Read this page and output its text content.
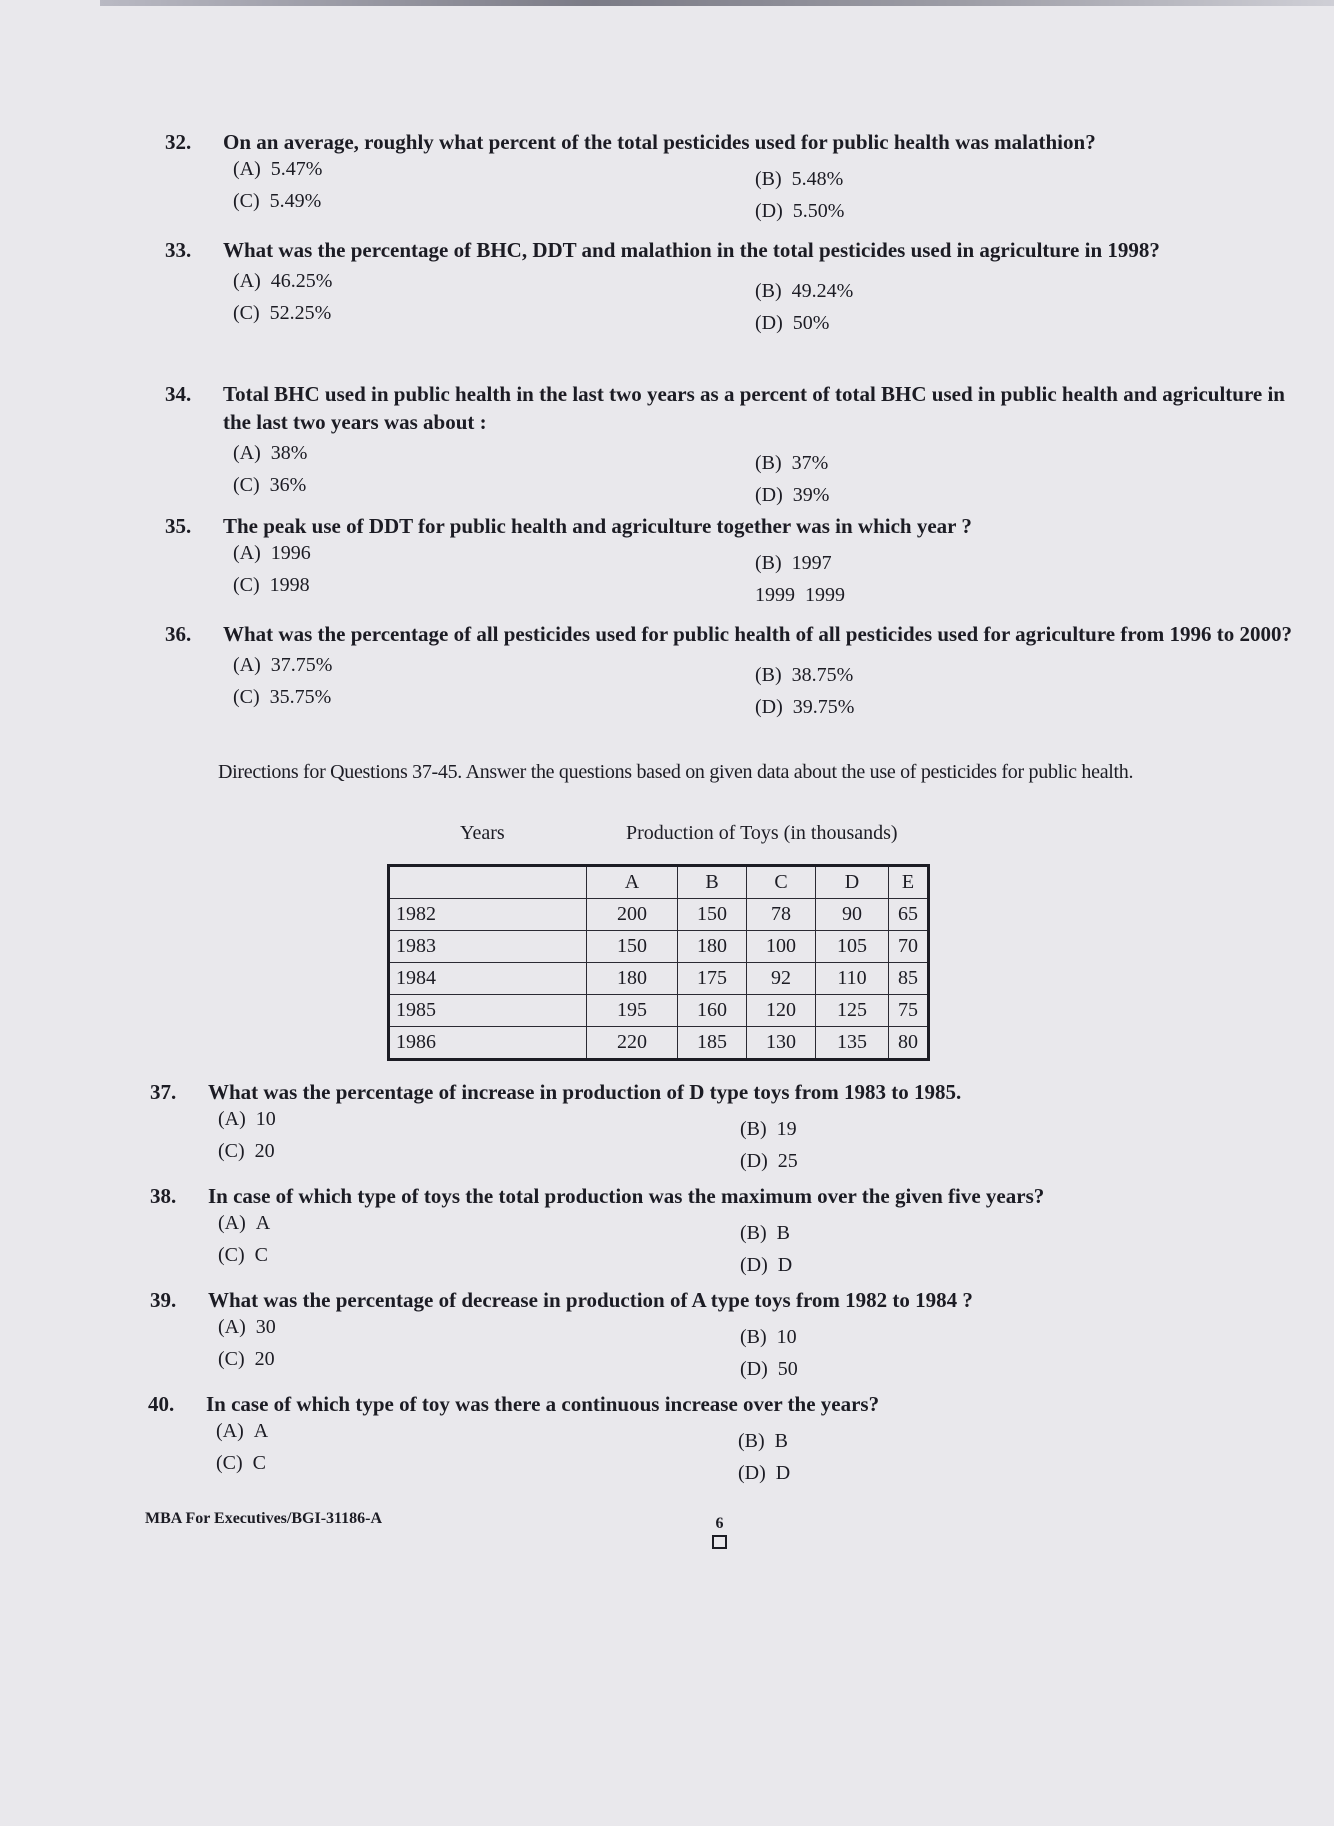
32.	On an average, roughly what percent of the total pesticides used for public health was malathion?
(A) 5.47%	(B) 5.48%
(C) 5.49%	(D) 5.50%
33.	What was the percentage of BHC, DDT and malathion in the total pesticides used in agriculture in 1998?
(A) 46.25%	(B) 49.24%
(C) 52.25%	(D) 50%
34.	Total BHC used in public health in the last two years as a percent of total BHC used in public health and agriculture in the last two years was about :
(A) 38%	(B) 37%
(C) 36%	(D) 39%
35.	The peak use of DDT for public health and agriculture together was in which year ?
(A) 1996	(B) 1997
(C) 1998	1999 1999
36.	What was the percentage of all pesticides used for public health of all pesticides used for agriculture from 1996 to 2000?
(A) 37.75%	(B) 38.75%
(C) 35.75%	(D) 39.75%
Directions for Questions 37-45. Answer the questions based on given data about the use of pesticides for public health.
Years	Production of Toys (in thousands)
	A	B	C	D	E
1982	200	150	78	90	65
1983	150	180	100	105	70
1984	180	175	92	110	85
1985	195	160	120	125	75
1986	220	185	130	135	80
37.	What was the percentage of increase in production of D type toys from 1983 to 1985.
(A) 10	(B) 19
(C) 20	(D) 25
38.	In case of which type of toys the total production was the maximum over the given five years?
(A) A	(B) B
(C) C	(D) D
39.	What was the percentage of decrease in production of A type toys from 1982 to 1984 ?
(A) 30	(B) 10
(C) 20	(D) 50
40.	In case of which type of toy was there a continuous increase over the years?
(A) A	(B) B
(C) C	(D) D
MBA For Executives/BGI-31186-A	6
